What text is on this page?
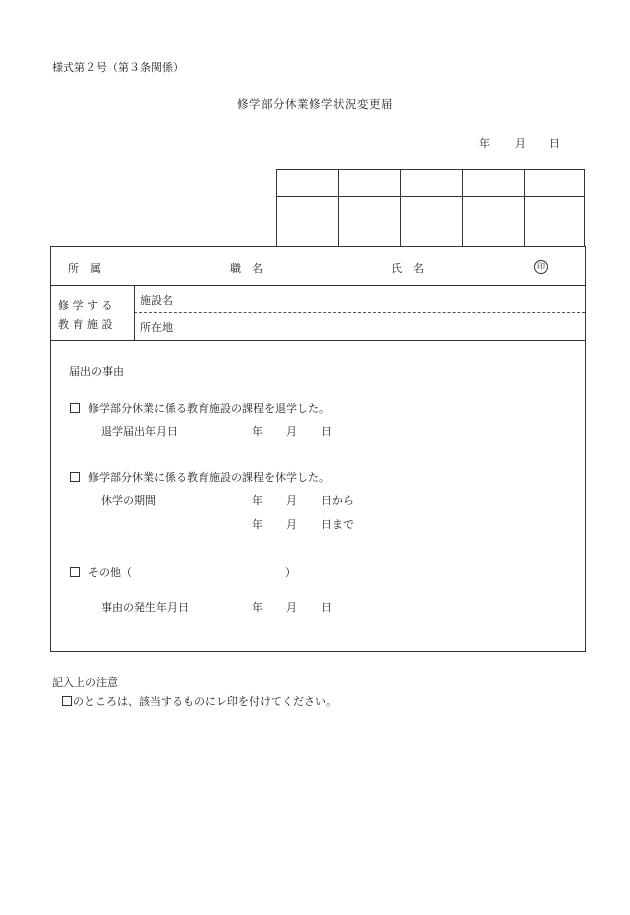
様式第２号（第３条関係）
修学部分休業修学状況変更届
年 月 日
所　属	職　名	氏　名	印
修 学 す る
教 育 施 設
施設名
所在地
届出の事由
修学部分休業に係る教育施設の課程を退学した。
退学届出年月日	年 月 日
修学部分休業に係る教育施設の課程を休学した。
休学の期間	年 月 日から
年 月 日まで
その他（	）
事由の発生年月日	年 月 日
記入上の注意
のところは、該当するものにレ印を付けてください。
